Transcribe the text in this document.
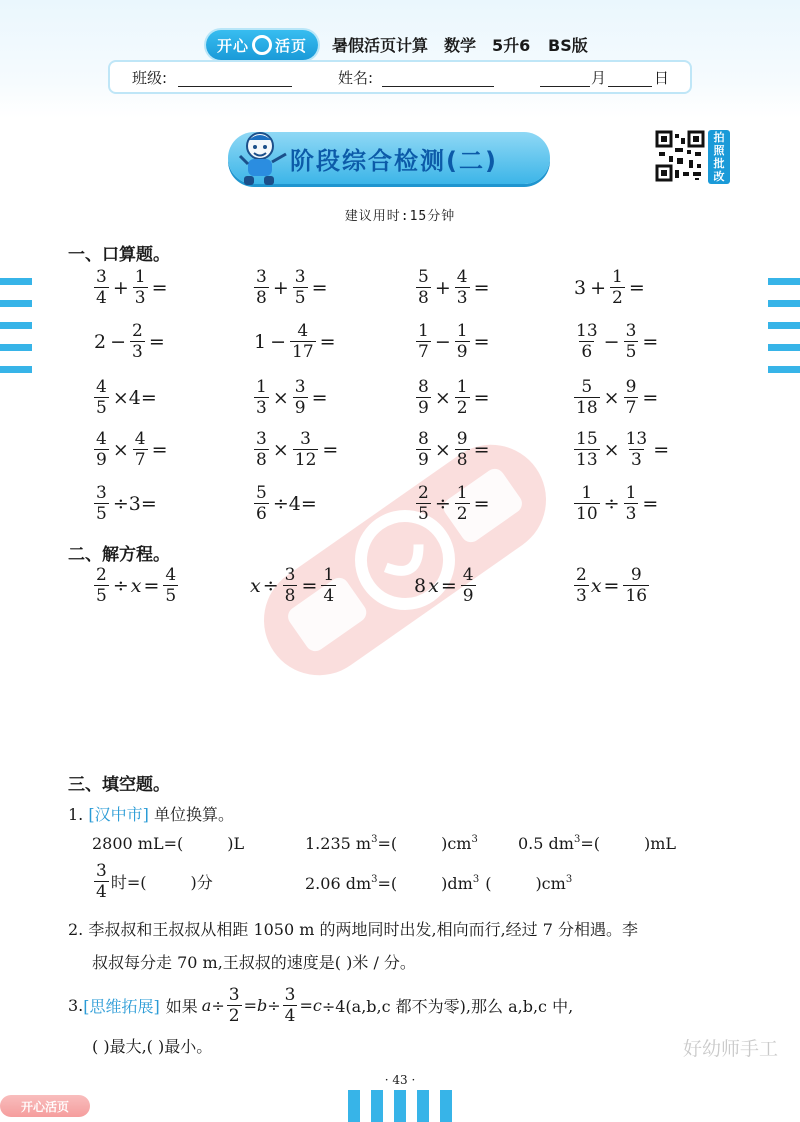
开心 活页 暑假活页计算 数学 5升6 BS版
班级:	姓名:	月	日
阶段综合检测(二)
拍
照
批
改
建议用时:15分钟
一、口算题。
$\frac{3}{4} + \frac{1}{3}$ =	$\frac{3}{8} + \frac{3}{5}$ =	$\frac{5}{8} + \frac{4}{3}$ =	$3 + \frac{1}{2}$ =
$2 - \frac{2}{3}$ =	$1 - \frac{4}{17}$ =	$\frac{1}{7} - \frac{1}{9}$ =	$\frac{13}{6} - \frac{3}{5}$ =
$\frac{4}{5} \times 4=$	$\frac{1}{3} \times \frac{3}{9}$ =	$\frac{8}{9} \times \frac{1}{2}$ =	$\frac{5}{18} \times \frac{9}{7}$ =
$\frac{4}{9} \times \frac{4}{7}$ =	$\frac{3}{8} \times \frac{3}{12}$ =	$\frac{8}{9} \times \frac{9}{8}$ =	$\frac{15}{13} \times \frac{13}{3}$ =
$\frac{3}{5} \div 3=$	$\frac{5}{6} \div 4=$	$\frac{2}{5} \div \frac{1}{2}$ =	$\frac{1}{10} \div \frac{1}{3}$ =
二、解方程。
$\frac{2}{5} \div x = \frac{4}{5}$	$x \div \frac{3}{8} = \frac{1}{4}$	8 $x = \frac{4}{9}$	$\frac{2}{3}$ $x = \frac{9}{16}$
三、填空题。
1. [汉中市] 单位换算。
2800 mL=(	)L	1.235 $m^3=$(	)$cm^3$	0.5 $dm^3=$(	)mL
$\frac{3}{4}$ 时=(	)分	2.06 $dm^3=$(	)$dm^3$ (	)$cm^3$
2. 李叔叔和王叔叔从相距 1050 m 的两地同时出发,相向而行,经过 7 分相遇。李
叔叔每分走 70 m,王叔叔的速度是( )米 / 分。
3. [思维拓展] 如果 $a \div \frac{3}{2} = b \div \frac{3}{4} = c \div 4(a,b,c$ 都不为零),那么 a,b,c 中,
( )最大,( )最小。	好幼师手工
· 43 ·
开心活页
